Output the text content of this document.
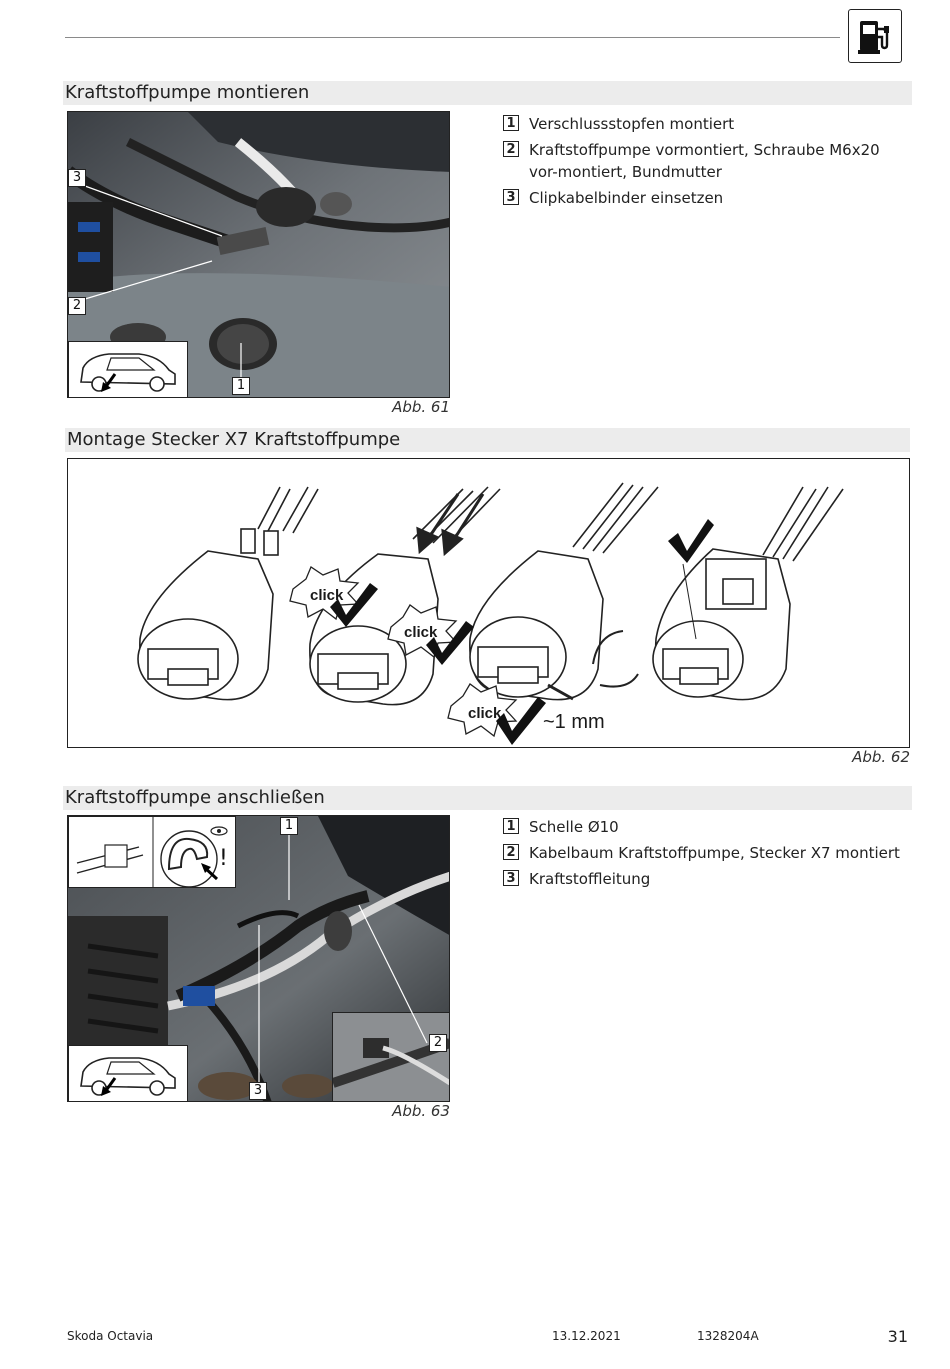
Kraftstoffpumpe montieren
3
2
1
Abb. 61
1 Verschlussstopfen montiert
2 Kraftstoffpumpe vormontiert, Schraube M6x20 vor-montiert, Bundmutter
3 Clipkabelbinder einsetzen
Montage Stecker X7 Kraftstoffpumpe
click
click
click ~1 mm
Abb. 62
Kraftstoffpumpe anschließen
!
1
2
3
Abb. 63
1 Schelle Ø10
2 Kabelbaum Kraftstoffpumpe, Stecker X7 montiert
3 Kraftstoffleitung
Skoda Octavia	13.12.2021	1328204A	31
